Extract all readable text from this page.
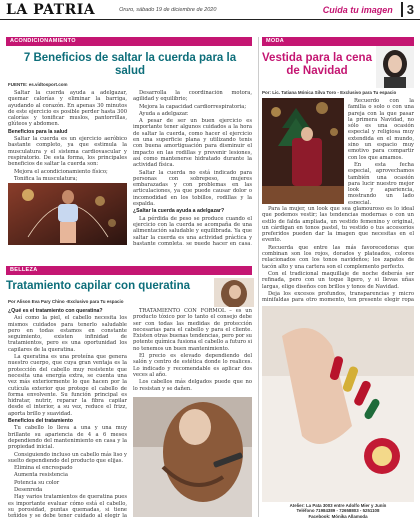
LA PATRIA	Oruro, sábado 19 de diciembre de 2020	Cuida tu imagen	3
ACONDICIONAMIENTO
7 Beneficios de saltar la cuerda para la salud
FUENTE: es.vidtosport.com

Saltar la cuerda ayuda a adelgazar, quemar calorías y eliminar la barriga, ayudando al corazón. En apenas 30 minutos de este ejercicio es posible perder hasta 300 calorías y tonificar muslos, pantorrillas, glúteos y abdomen.

Beneficios para la salud

Saltar la cuerda es un ejercicio aeróbico bastante completo, ya que estimula la musculatura y el sistema cardiovascular y respiratorio. De esta forma, los principales beneficios de saltar la cuerda son:

Mejora el acondicionamiento físico;

Tonifica la musculatura;

Desarrolla la coordinación motora, agilidad y equilibrio;

Mejora la capacidad cardiorrespiratoria;

Ayuda a adelgazar.

A pesar de ser un buen ejercicio es importante tener algunos cuidados a la hora de saltar la cuerda, como hacer el ejercicio en una superficie plana y utilizando tenis con buena amortiguación para disminuir el impacto en las rodillas y prevenir lesiones, así como mantenerse hidratado durante la actividad física.

Saltar la cuerda no está indicado para personas con sobrepeso, mujeres embarazadas y con problemas en las articulaciones, ya que puede causar dolor o incomodidad en los tobillos, rodillas y la espalda.

¿Saltar la cuerda ayuda a adelgazar?

La pérdida de peso se produce cuando el ejercicio con la cuerda se acompaña de una alimentación saludable y equilibrada. Ya que saltar la cuerda es una actividad práctica y bastante completa, se puede hacer en casa,

BELLEZA
Tratamiento capilar con queratina
Por Alison Eva Pary Chino -Exclusivo para Tu espacio

¿Qué es el tratamiento con queratina?

Así como la piel, el cabello necesita los mismos cuidados para tenerlo saludable pero en todas estamos en constante seguimiento, existen infinidad de tratamientos, pero es una oportunidad los capilares de la queratina.

La queratina es una proteína que genera nuestro cuerpo, que cuya gran ventaja es la protección del cabello muy resistente que necesita una energía extra, se cuenta una vez más exteriormente lo que hacen por la cutícula exterior que protege el cabello de forma envolvente. Su función principal es hidratar, nutrir, reparar la fibra capilar desde el interior, a su vez, reduce el frizz, aporta brillo y suavidad.

Beneficios del tratamiento

Tu cabello lo lleva a una y una muy brillante su apariencia de 4 a 6 meses dependiendo del mantenimiento en casa y la propiedad inicial.

Consiguiendo incluso un cabello más liso y suelto dependiendo del producto que elijas.

Elimina el encrespado

Aumenta resistencia

Potencia su color

Desenreda

Hay varios tratamientos de queratina pues es importante evaluar cómo está el cabello, su porosidad, puntas quemadas, si tiene teñidos y se debe tener cuidado al elegir la

TRATAMIENTO CON FORMOL – es un producto tóxico por lo tanto el consejo debe ser con todas las medidas de protección necesarias para el cabello y para el cliente. Existen otras buenas tendencias, pero por su potente química fusiona el cabello a futuro si no tenemos un buen mantenimiento.

El precio es elevado dependiendo del salón y centro de estética donde lo realices. Lo indicado y recomendable es aplicar dos veces al año.

Los cabellos más delgados puede que no lo resistan y se dañen.

MODA
Vestida para la cena de Navidad
Por: Lic. Tatiana Mónica Silva Toro - Exclusivo para Tu espacio

Recuerdo con la familia o solo o con una pareja con la que pasar la primera Navidad, no sólo es una ocasión especial y religiosa muy extendida en el mundo, sino un espacio muy emotivo para compartir con los que amamos.

En esta fecha especial, aprovechamos también una ocasión para lucir nuestro mejor look y apariencia, mostrando un lado especial.

Para la mujer, un look que sea glamouroso es lo ideal que podemos vestir; las tendencias modernas o con un estilo de falda ampliada, un vestido femenino y original, un cárdigan en tonos pastel, tu vestido o tus accesorios preferidos pueden dar la imagen que necesitas en el evento.

Recuerda que entre las más favorecedoras que combinan son los rojos, dorados y plateados, colores relacionados con los tonos navideños; los zapatos de tacón alto y una cartera son el complemento perfecto.

Con el tradicional maquillaje de noche deberás ser refinada, pero con un toque ligero, y si llevas uñas largas, elige diseños con brillos y tonos de Navidad.

Deja los excesos profundos, transparencias y micro minifaldas para otro momento, ten presente elegir ropa

Atelier: La Pata 3003 entre Adolfo Mier y Junín
Teléfono 71984389 - 72658803 - 5251108
Facebook: Mónika Allamoda
